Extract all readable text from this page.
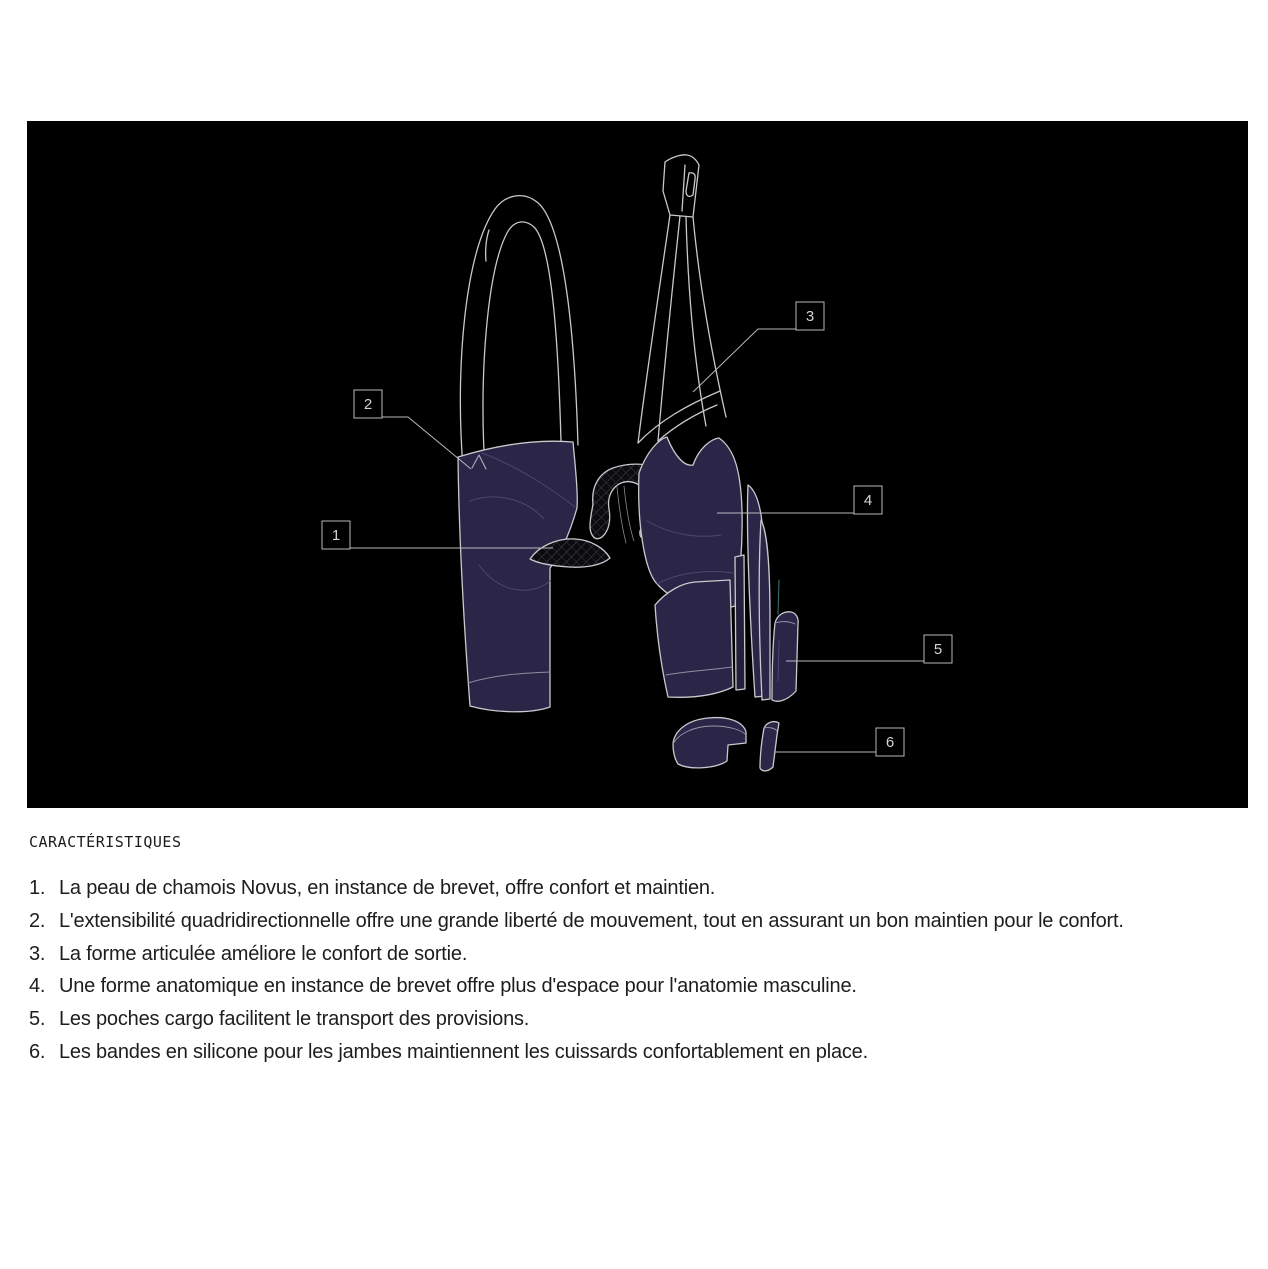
1
2
3
4
5
6
CARACTÉRISTIQUES
1. La peau de chamois Novus, en instance de brevet, offre confort et maintien.
2. L'extensibilité quadridirectionnelle offre une grande liberté de mouvement, tout en assurant un bon maintien pour le confort.
3. La forme articulée améliore le confort de sortie.
4. Une forme anatomique en instance de brevet offre plus d'espace pour l'anatomie masculine.
5. Les poches cargo facilitent le transport des provisions.
6. Les bandes en silicone pour les jambes maintiennent les cuissards confortablement en place.
